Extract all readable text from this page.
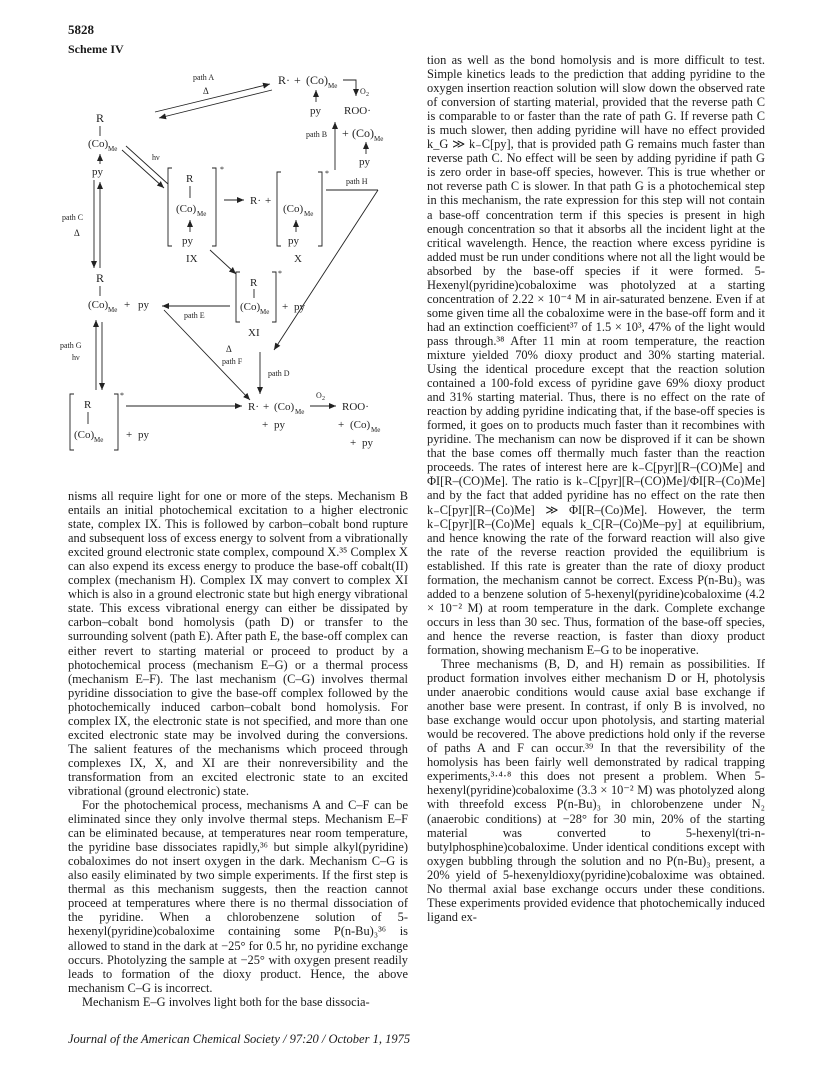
5828
Scheme IV
R· + (Co) Me
O 2
py ROO·
path A
Δ
path B + (Co) Me
py
R
(Co) Me
py
hν
*
R
(Co) Me
py
IX
R· +
*
(Co) Me
py
X
path H
path C
Δ
R
(Co) Me + py
path E
*
R
(Co) Me + py
XI
Δ
path F
path D
path G
hν
*
R
(Co) Me + py
R· + (Co) Me
O 2
ROO·
+ py	+ (Co) Me
+ py

nisms all require light for one or more of the steps. Mechanism B entails an initial photochemical excitation to a higher electronic state, complex IX. This is followed by carbon–cobalt bond rupture and subsequent loss of excess energy to solvent from a vibrationally excited ground electronic state complex, compound X.³⁵ Complex X can also expend its excess energy to produce the base-off cobalt(II) complex (mechanism H). Complex IX may convert to complex XI which is also in a ground electronic state but high energy vibrational state. This excess vibrational energy can either be dissipated by carbon–cobalt bond homolysis (path D) or transfer to the surrounding solvent (path E). After path E, the base-off complex can either revert to starting material or proceed to product by a photochemical process (mechanism E–G) or a thermal process (mechanism E–F). The last mechanism (C–G) involves thermal pyridine dissociation to give the base-off complex followed by the photochemically induced carbon–cobalt bond homolysis. For complex IX, the electronic state is not specified, and more than one excited electronic state may be involved during the conversions. The salient features of the mechanisms which proceed through complexes IX, X, and XI are their nonreversibility and the transformation from an excited electronic state to an excited vibrational (ground electronic) state.

For the photochemical process, mechanisms A and C–F can be eliminated since they only involve thermal steps. Mechanism E–F can be eliminated because, at temperatures near room temperature, the pyridine base dissociates rapidly,³⁶ but simple alkyl(pyridine) cobaloximes do not insert oxygen in the dark. Mechanism C–G is also easily eliminated by two simple experiments. If the first step is thermal as this mechanism suggests, then the reaction cannot proceed at temperatures where there is no thermal dissociation of the pyridine. When a chlorobenzene solution of 5-hexenyl(pyridine)cobaloxime containing some P(n-Bu)₃³⁶ is allowed to stand in the dark at −25° for 0.5 hr, no pyridine exchange occurs. Photolyzing the sample at −25° with oxygen present readily leads to formation of the dioxy product. Hence, the above mechanism C–G is incorrect.

Mechanism E–G involves light both for the base dissocia-

tion as well as the bond homolysis and is more difficult to test. Simple kinetics leads to the prediction that adding pyridine to the oxygen insertion reaction solution will slow down the observed rate of conversion of starting material, provided that the reverse path C is comparable to or faster than the rate of path G. If reverse path C is much slower, then adding pyridine will have no effect provided k_G ≫ k₋C[py], that is provided path G remains much faster than reverse path C. No effect will be seen by adding pyridine if path G is zero order in base-off species, however. This is true whether or not reverse path C is slower. In that path G is a photochemical step in this mechanism, the rate expression for this step will not contain a base-off concentration term if this species is present in high enough concentration so that it absorbs all the incident light at the critical wavelength. Hence, the reaction where excess pyridine is added must be run under conditions where not all the light would be absorbed by the base-off species if it were formed. 5-Hexenyl(pyridine)cobaloxime was photolyzed at a starting concentration of 2.22 × 10⁻⁴ M in air-saturated benzene. Even if at some given time all the cobaloxime were in the base-off form and it had an extinction coefficient³⁷ of 1.5 × 10³, 47% of the light would pass through.³⁸ After 11 min at room temperature, the reaction mixture yielded 70% dioxy product and 30% starting material. Using the identical procedure except that the reaction solution contained a 100-fold excess of pyridine gave 69% dioxy product and 31% starting material. Thus, there is no effect on the rate of reaction by adding pyridine indicating that, if the base-off species is formed, it goes on to products much faster than it recombines with pyridine. The mechanism can now be disproved if it can be shown that the base comes off thermally much faster than the reaction proceeds. The rates of interest here are k₋C[pyr][R–(CO)Me] and ΦI[R–(CO)Me]. The ratio is k₋C[pyr][R–(CO)Me]/ΦI[R–(Co)Me] and by the fact that added pyridine has no effect on the rate then k₋C[pyr][R–(Co)Me] ≫ ΦI[R–(Co)Me]. However, the term k₋C[pyr][R–(Co)Me] equals k_C[R–(Co)Me–py] at equilibrium, and hence knowing the rate of the forward reaction will also give the rate of the reverse reaction provided the equilibrium is established. If this rate is greater than the rate of dioxy product formation, the mechanism cannot be correct. Excess P(n-Bu)₃ was added to a benzene solution of 5-hexenyl(pyridine)cobaloxime (4.2 × 10⁻² M) at room temperature in the dark. Complete exchange occurs in less than 30 sec. Thus, formation of the base-off species, and hence the reverse reaction, is faster than dioxy product formation, showing mechanism E–G to be inoperative.

Three mechanisms (B, D, and H) remain as possibilities. If product formation involves either mechanism D or H, photolysis under anaerobic conditions would cause axial base exchange if another base were present. In contrast, if only B is involved, no base exchange would occur upon photolysis, and starting material would be recovered. The above predictions hold only if the reverse of paths A and F can occur.³⁹ In that the reversibility of the homolysis has been fairly well demonstrated by radical trapping experiments,³·⁴·⁸ this does not present a problem. When 5-hexenyl(pyridine)cobaloxime (3.3 × 10⁻² M) was photolyzed along with threefold excess P(n-Bu)₃ in chlorobenzene under N₂ (anaerobic conditions) at −28° for 30 min, 20% of the starting material was converted to 5-hexenyl(tri-n-butylphosphine)cobaloxime. Under identical conditions except with oxygen bubbling through the solution and no P(n-Bu)₃ present, a 20% yield of 5-hexenyldioxy(pyridine)cobaloxime was obtained. No thermal axial base exchange occurs under these conditions. These experiments provided evidence that photochemically induced ligand ex-

Journal of the American Chemical Society / 97:20 / October 1, 1975
